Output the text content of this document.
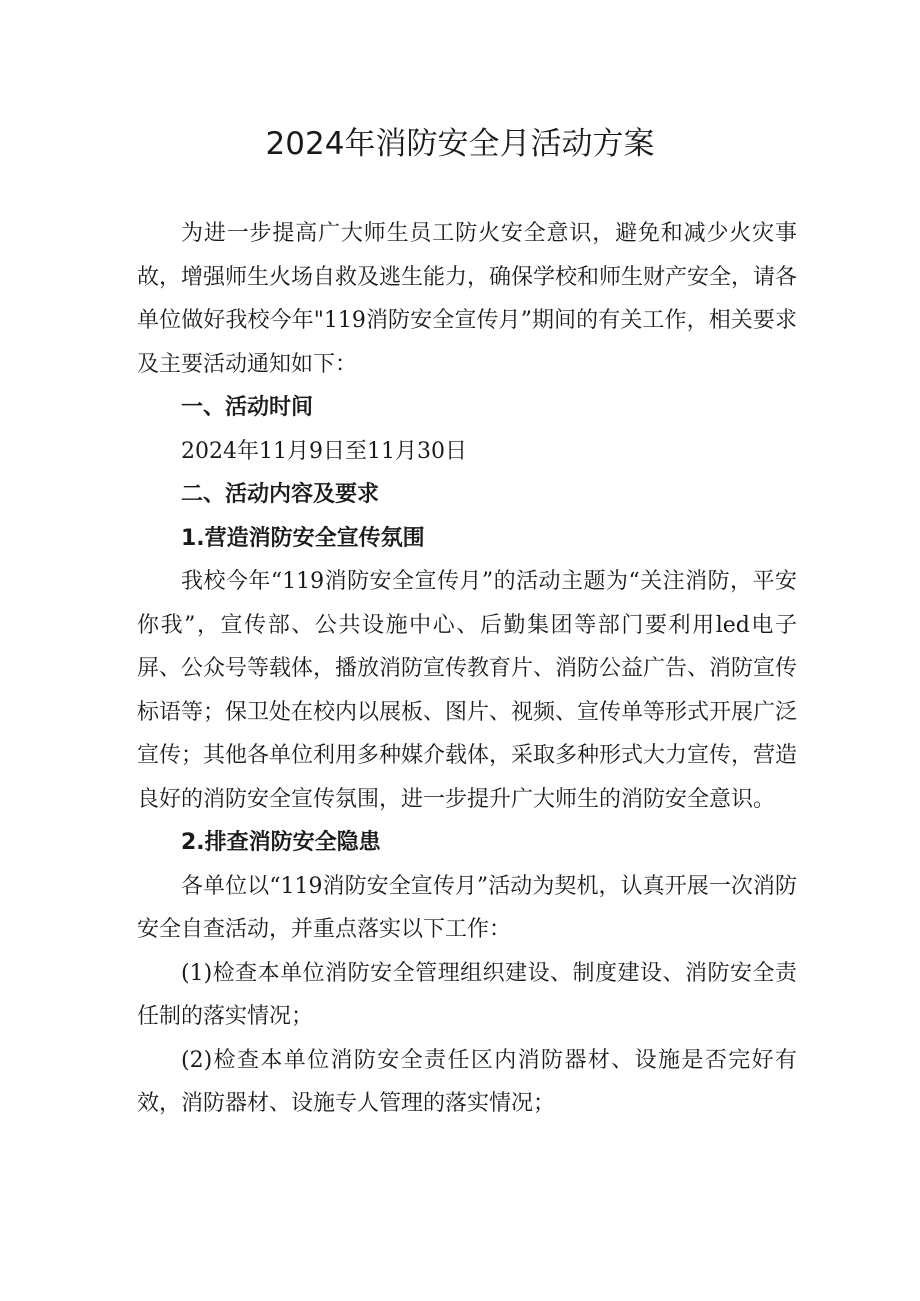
2024年消防安全月活动方案

为进一步提高广大师生员工防火安全意识，避免和减少火灾事故，增强师生火场自救及逃生能力，确保学校和师生财产安全，请各单位做好我校今年"119消防安全宣传月”期间的有关工作，相关要求及主要活动通知如下：

一、活动时间

2024年11月9日至11月30日

二、活动内容及要求

1.营造消防安全宣传氛围

我校今年“119消防安全宣传月”的活动主题为“关注消防，平安你我”，宣传部、公共设施中心、后勤集团等部门要利用led电子屏、公众号等载体，播放消防宣传教育片、消防公益广告、消防宣传标语等；保卫处在校内以展板、图片、视频、宣传单等形式开展广泛宣传；其他各单位利用多种媒介载体，采取多种形式大力宣传，营造良好的消防安全宣传氛围，进一步提升广大师生的消防安全意识。

2.排查消防安全隐患

各单位以“119消防安全宣传月”活动为契机，认真开展一次消防安全自查活动，并重点落实以下工作：

(1)检查本单位消防安全管理组织建设、制度建设、消防安全责任制的落实情况；

(2)检查本单位消防安全责任区内消防器材、设施是否完好有效，消防器材、设施专人管理的落实情况；
